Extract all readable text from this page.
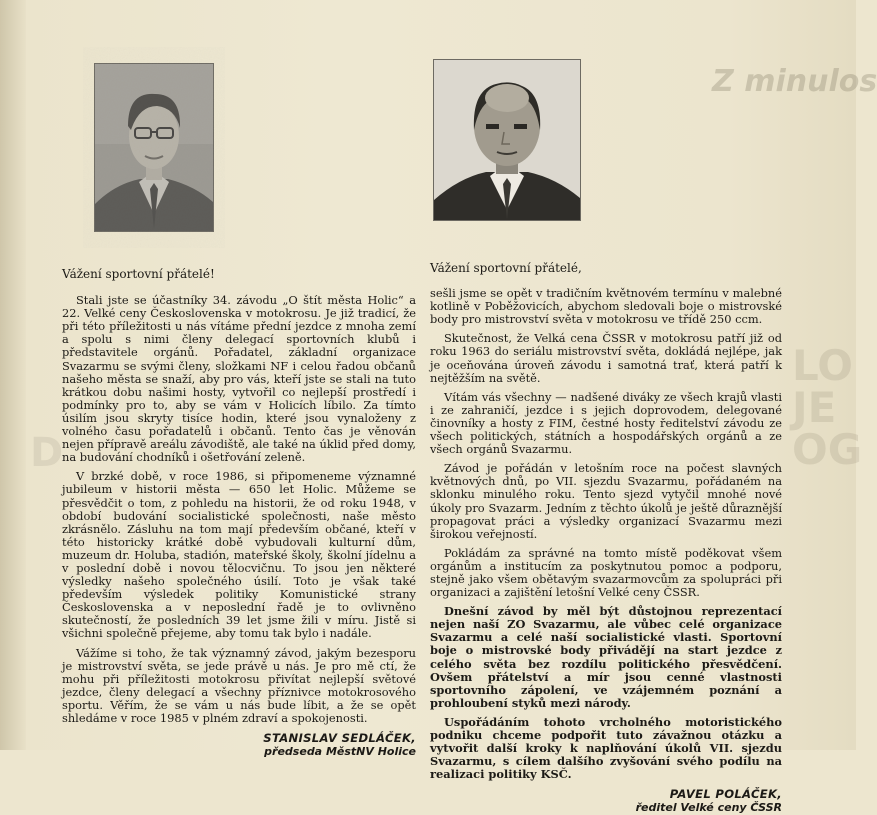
Z minulos
LO
JE
OG
D

Vážení sportovní přátelé!

Stali jste se účastníky 34. závodu „O štít města Holic“ a 22. Velké ceny Československa v motokrosu. Je již tradicí, že při této příležitosti u nás vítáme přední jezdce z mnoha zemí a spolu s nimi členy delegací sportovních klubů i představitele orgánů. Pořadatel, základní organizace Svazarmu se svými členy, složkami NF i celou řadou občanů našeho města se snaží, aby pro vás, kteří jste se stali na tuto krátkou dobu našimi hosty, vytvořil co nejlepší prostředí i podmínky pro to, aby se vám v Holicích líbilo. Za tímto úsilím jsou skryty tisíce hodin, které jsou vynaloženy z volného času pořadatelů i občanů. Tento čas je věnován nejen přípravě areálu závodiště, ale také na úklid před domy, na budování chodníků i ošetřování zeleně.

V brzké době, v roce 1986, si připomeneme významné jubileum v historii města — 650 let Holic. Můžeme se přesvědčit o tom, z pohledu na historii, že od roku 1948, v období budování socialistické společnosti, naše město zkrásnělo. Zásluhu na tom mají především občané, kteří v této historicky krátké době vybudovali kulturní dům, muzeum dr. Holuba, stadión, mateřské školy, školní jídelnu a v poslední době i novou tělocvičnu. To jsou jen některé výsledky našeho společného úsilí. Toto je však také především výsledek politiky Komunistické strany Československa a v neposlední řadě je to ovlivněno skutečností, že posledních 39 let jsme žili v míru. Jistě si všichni společně přejeme, aby tomu tak bylo i nadále.

Vážíme si toho, že tak významný závod, jakým bezesporu je mistrovství světa, se jede právě u nás. Je pro mě ctí, že mohu při příležitosti motokrosu přivítat nejlepší světové jezdce, členy delegací a všechny příznivce motokrosového sportu. Věřím, že se vám u nás bude líbit, a že se opět shledáme v roce 1985 v plném zdraví a spokojenosti.

STANISLAV SEDLÁČEK,
předseda MěstNV Holice

Vážení sportovní přátelé,

sešli jsme se opět v tradičním květnovém termínu v malebné kotlině v Poběžovicích, abychom sledovali boje o mistrovské body pro mistrovství světa v motokrosu ve třídě 250 ccm.

Skutečnost, že Velká cena ČSSR v motokrosu patří již od roku 1963 do seriálu mistrovství světa, dokládá nejlépe, jak je oceňována úroveň závodu i samotná trať, která patří k nejtěžším na světě.

Vítám vás všechny — nadšené diváky ze všech krajů vlasti i ze zahraničí, jezdce i s jejich doprovodem, delegované činovníky a hosty z FIM, čestné hosty ředitelství závodu ze všech politických, státních a hospodářských orgánů a ze všech orgánů Svazarmu.

Závod je pořádán v letošním roce na počest slavných květnových dnů, po VII. sjezdu Svazarmu, pořádaném na sklonku minulého roku. Tento sjezd vytyčil mnohé nové úkoly pro Svazarm. Jedním z těchto úkolů je ještě důraznější propagovat práci a výsledky organizací Svazarmu mezi širokou veřejností.

Pokládám za správné na tomto místě poděkovat všem orgánům a institucím za poskytnutou pomoc a podporu, stejně jako všem obětavým svazarmovcům za spolupráci při organizaci a zajištění letošní Velké ceny ČSSR.

Dnešní závod by měl být důstojnou reprezentací nejen naší ZO Svazarmu, ale vůbec celé organizace Svazarmu a celé naší socialistické vlasti. Sportovní boje o mistrovské body přivádějí na start jezdce z celého světa bez rozdílu politického přesvědčení. Ovšem přátelství a mír jsou cenné vlastnosti sportovního zápolení, ve vzájemném poznání a prohloubení styků mezi národy.

Uspořádáním tohoto vrcholného motoristického podniku chceme podpořit tuto závažnou otázku a vytvořit další kroky k naplňování úkolů VII. sjezdu Svazarmu, s cílem dalšího zvyšování svého podílu na realizaci politiky KSČ.

PAVEL POLÁČEK,
ředitel Velké ceny ČSSR
